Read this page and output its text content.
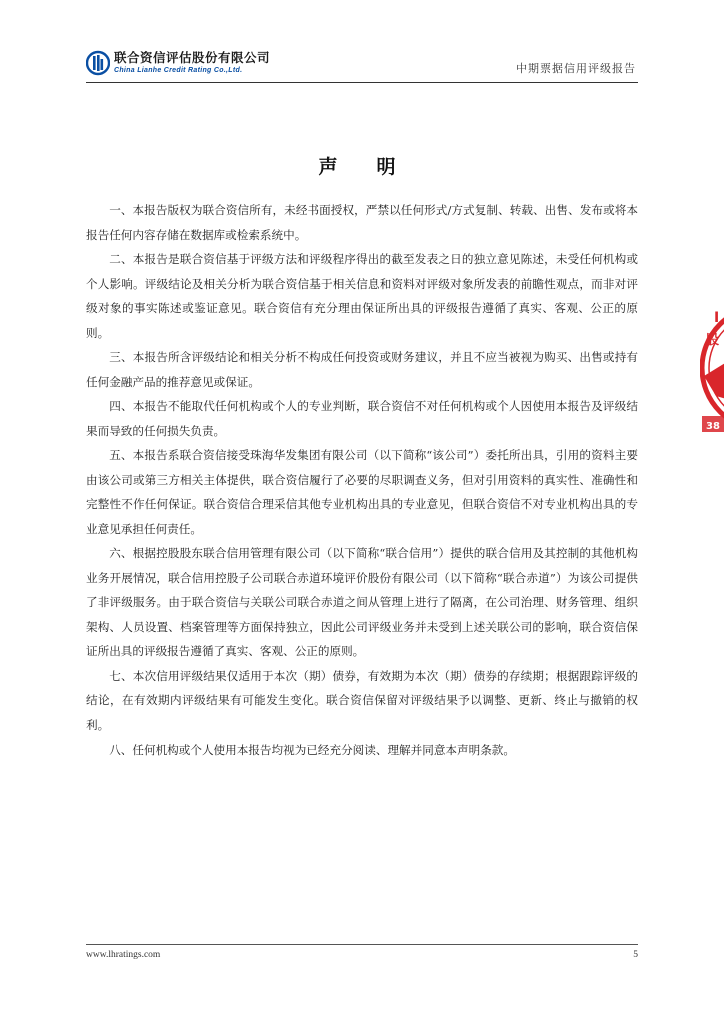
联合资信评估股份有限公司
China Lianhe Credit Rating Co.,Ltd.	中期票据信用评级报告
声　明

一、本报告版权为联合资信所有，未经书面授权，严禁以任何形式/方式复制、转载、出售、发布或将本报告任何内容存储在数据库或检索系统中。

二、本报告是联合资信基于评级方法和评级程序得出的截至发表之日的独立意见陈述，未受任何机构或个人影响。评级结论及相关分析为联合资信基于相关信息和资料对评级对象所发表的前瞻性观点，而非对评级对象的事实陈述或鉴证意见。联合资信有充分理由保证所出具的评级报告遵循了真实、客观、公正的原则。

三、本报告所含评级结论和相关分析不构成任何投资或财务建议，并且不应当被视为购买、出售或持有任何金融产品的推荐意见或保证。

四、本报告不能取代任何机构或个人的专业判断，联合资信不对任何机构或个人因使用本报告及评级结果而导致的任何损失负责。

五、本报告系联合资信接受珠海华发集团有限公司（以下简称“该公司”）委托所出具，引用的资料主要由该公司或第三方相关主体提供，联合资信履行了必要的尽职调查义务，但对引用资料的真实性、准确性和完整性不作任何保证。联合资信合理采信其他专业机构出具的专业意见，但联合资信不对专业机构出具的专业意见承担任何责任。

六、根据控股股东联合信用管理有限公司（以下简称“联合信用”）提供的联合信用及其控制的其他机构业务开展情况，联合信用控股子公司联合赤道环境评价股份有限公司（以下简称“联合赤道”）为该公司提供了非评级服务。由于联合资信与关联公司联合赤道之间从管理上进行了隔离，在公司治理、财务管理、组织架构、人员设置、档案管理等方面保持独立，因此公司评级业务并未受到上述关联公司的影响，联合资信保证所出具的评级报告遵循了真实、客观、公正的原则。

七、本次信用评级结果仅适用于本次（期）债券，有效期为本次（期）债券的存续期；根据跟踪评级的结论，在有效期内评级结果有可能发生变化。联合资信保留对评级结果予以调整、更新、终止与撤销的权利。

八、任何机构或个人使用本报告均视为已经充分阅读、理解并同意本声明条款。

I
股
38
www.lhratings.com	5
